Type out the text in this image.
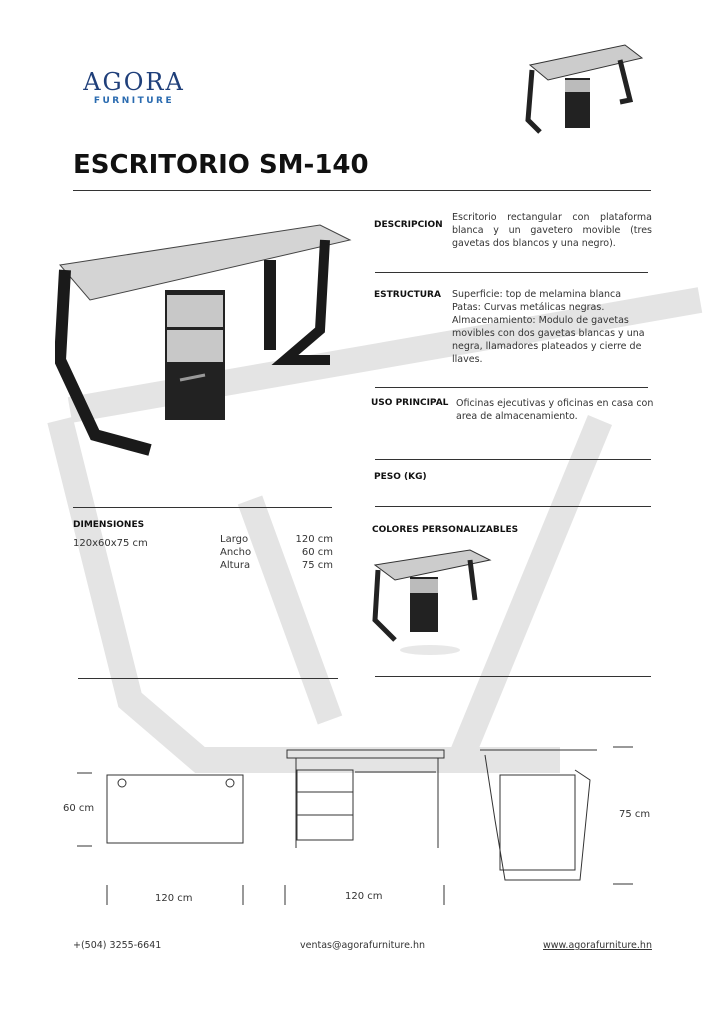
AGORA
FURNITURE
ESCRITORIO SM-140
DESCRIPCION
Escritorio rectangular con plataforma blanca y un gavetero movible (tres gavetas dos blancos y una negro).
ESTRUCTURA Superficie: top de melamina blanca Patas: Curvas metálicas negras. Almacenamiento: Modulo de gavetas movibles con dos gavetas blancas y una negra, llamadores plateados y cierre de llaves.
USO PRINCIPAL Oficinas ejecutivas y oficinas en casa con area de almacenamiento.
PESO (KG)
COLORES PERSONALIZABLES
DIMENSIONES
120x60x75 cm	Largo	120 cm
Ancho	60 cm
Altura	75 cm
60 cm
120 cm	120 cm
75 cm
+(504) 3255-6641	ventas@agorafurniture.hn	www.agorafurniture.hn
